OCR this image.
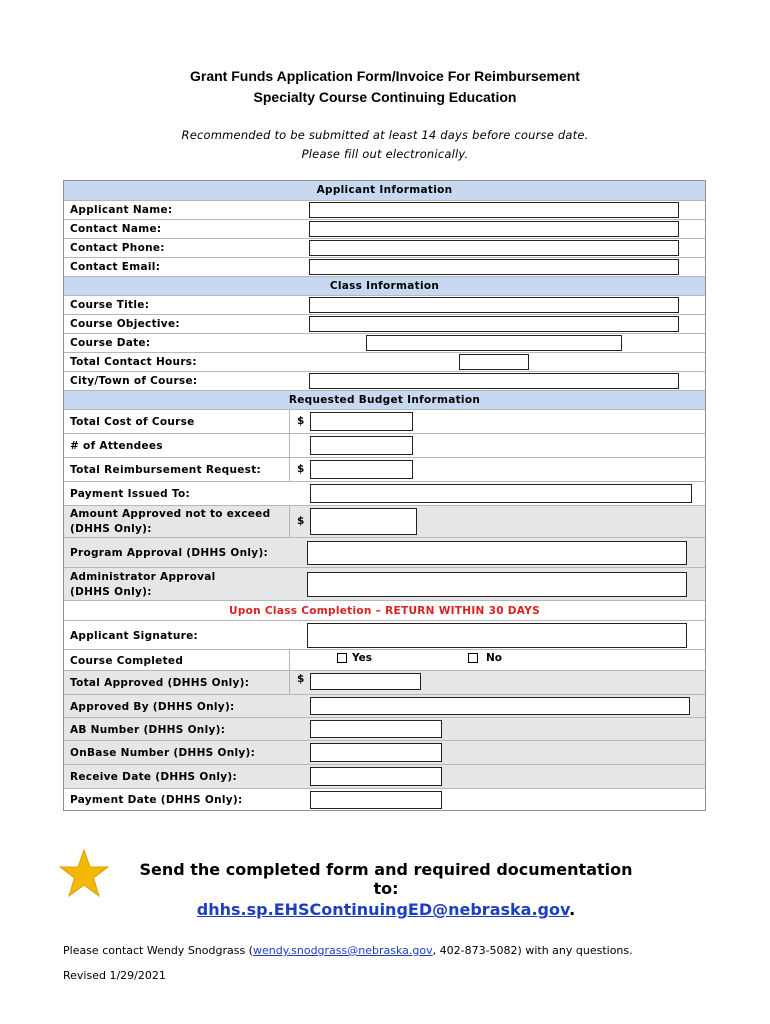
Grant Funds Application Form/Invoice For Reimbursement
Specialty Course Continuing Education
Recommended to be submitted at least 14 days before course date.
Please fill out electronically.
Applicant Information
Applicant Name:
Contact Name:
Contact Phone:
Contact Email:
Class Information
Course Title:
Course Objective:
Course Date:
Total Contact Hours:
City/Town of Course:
Requested Budget Information
Total Cost of Course	$
# of Attendees
Total Reimbursement Request:	$
Payment Issued To:
Amount Approved not to exceed
(DHHS Only):
$
Program Approval (DHHS Only):
Administrator Approval
(DHHS Only):
Upon Class Completion – RETURN WITHIN 30 DAYS
Applicant Signature:
Course Completed	Yes	No
Total Approved (DHHS Only):	$
Approved By (DHHS Only):
AB Number (DHHS Only):
OnBase Number (DHHS Only):
Receive Date (DHHS Only):
Payment Date (DHHS Only):
Send the completed form and required documentation to:
dhhs.sp.EHSContinuingED@nebraska.gov.
Please contact Wendy Snodgrass (wendy.snodgrass@nebraska.gov, 402-873-5082) with any questions.
Revised 1/29/2021
